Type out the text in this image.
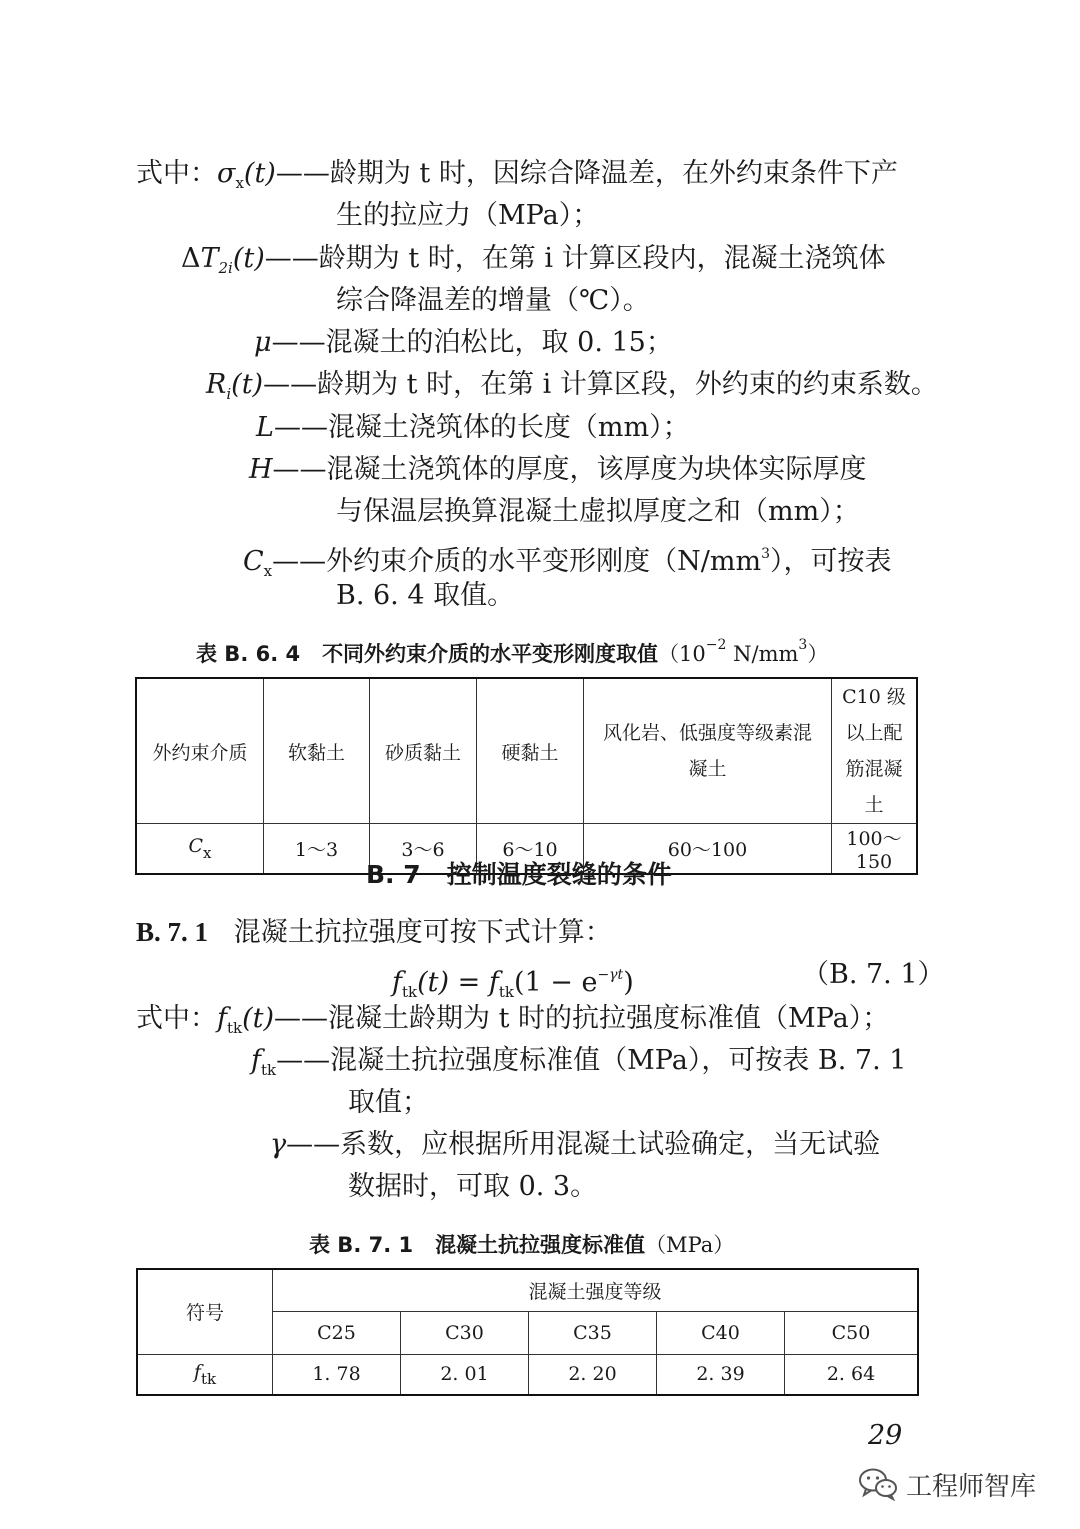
式中：$\sigma_x(t)——$龄期为 t 时，因综合降温差，在外约束条件下产
生的拉应力（MPa）；
$\Delta T_{2i}(t)——$龄期为 t 时，在第 i 计算区段内，混凝土浇筑体
综合降温差的增量（℃）。
μ——混凝土的泊松比，取 0. 15；
$R_i(t)——$龄期为 t 时，在第 i 计算区段，外约束的约束系数。
L——混凝土浇筑体的长度（mm）；
H——混凝土浇筑体的厚度，该厚度为块体实际厚度
与保温层换算混凝土虚拟厚度之和（mm）；
$C_x——$外约束介质的水平变形刚度$(N/mm^3)$，可按表
B. 6. 4 取值。
表 B. 6. 4 不同外约束介质的水平变形刚度取值（$10^{-2}$ $N/mm^3$）
外约束介质	软黏土	砂质黏土	硬黏土	风化岩、低强度等级素混凝土	C10 级以上配筋混凝土
$C_x$	1～3	3～6	6～10	60～100	100～150
B. 7 控制温度裂缝的条件
B. 7. 1 混凝土抗拉强度可按下式计算：
$f_{tk}(t) = f_{tk}(1 - e^{-\gamma t})$	（B. 7. 1）
式中：$f_{tk}(t)——$混凝土龄期为 t 时的抗拉强度标准值（MPa）；
$f_{tk}——$混凝土抗拉强度标准值（MPa），可按表 B. 7. 1
取值；
γ——系数，应根据所用混凝土试验确定，当无试验
数据时，可取 0. 3。
表 B. 7. 1 混凝土抗拉强度标准值（MPa）
符号	混凝土强度等级				
	C25	C30	C35	C40	C50
$f_{tk}$	1. 78	2. 01	2. 20	2. 39	2. 64
29
工程师智库
